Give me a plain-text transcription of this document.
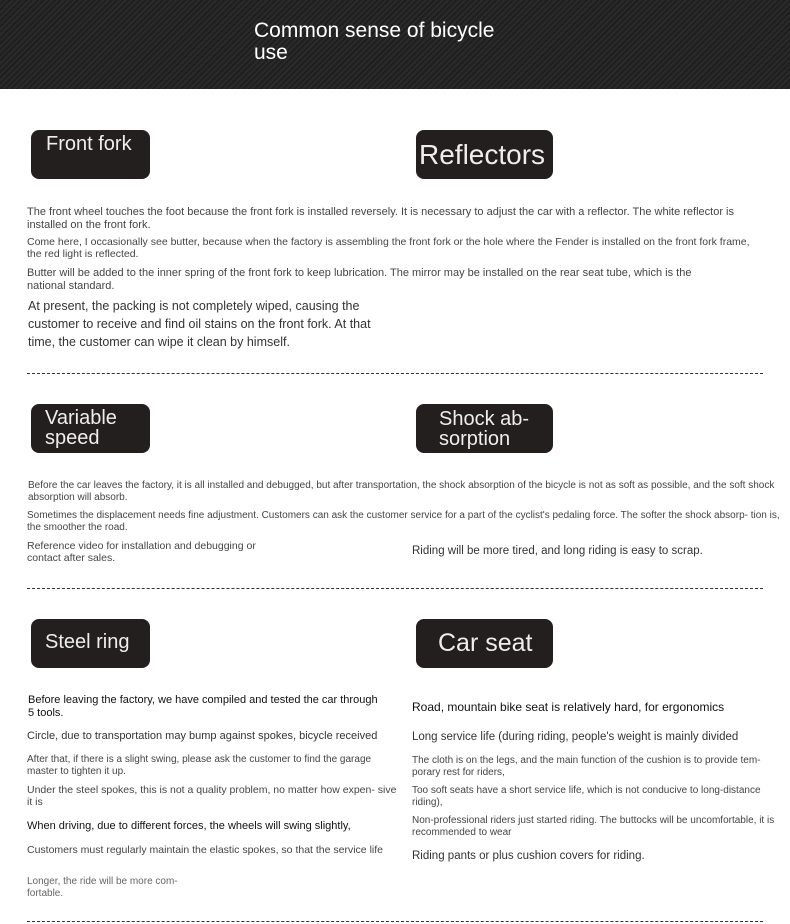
Common sense of bicycle use
Front fork	Reflectors

The front wheel touches the foot because the front fork is installed reversely. It is necessary to adjust the car with a reflector. The white reflector is installed on the front fork.

Come here, I occasionally see butter, because when the factory is assembling the front fork or the hole where the Fender is installed on the front fork frame, the red light is reflected.

Butter will be added to the inner spring of the front fork to keep lubrication. The mirror may be installed on the rear seat tube, which is the national standard.

At present, the packing is not completely wiped, causing the customer to receive and find oil stains on the front fork. At that time, the customer can wipe it clean by himself.

Variable speed
Shock ab- sorption

Before the car leaves the factory, it is all installed and debugged, but after transportation, the shock absorption of the bicycle is not as soft as possible, and the soft shock absorption will absorb.

Sometimes the displacement needs fine adjustment. Customers can ask the customer service for a part of the cyclist's pedaling force. The softer the shock absorp- tion is, the smoother the road.

Reference video for installation and debugging or contact after sales.

Riding will be more tired, and long riding is easy to scrap.

Steel ring	Car seat

Before leaving the factory, we have compiled and tested the car through 5 tools.

Circle, due to transportation may bump against spokes, bicycle received

After that, if there is a slight swing, please ask the customer to find the garage master to tighten it up.

Under the steel spokes, this is not a quality problem, no matter how expen- sive it is

When driving, due to different forces, the wheels will swing slightly,

Customers must regularly maintain the elastic spokes, so that the service life

Longer, the ride will be more com- fortable.

Road, mountain bike seat is relatively hard, for ergonomics

Long service life (during riding, people's weight is mainly divided

The cloth is on the legs, and the main function of the cushion is to provide tem- porary rest for riders,

Too soft seats have a short service life, which is not conducive to long-distance riding),

Non-professional riders just started riding. The buttocks will be uncomfortable, it is recommended to wear

Riding pants or plus cushion covers for riding.
